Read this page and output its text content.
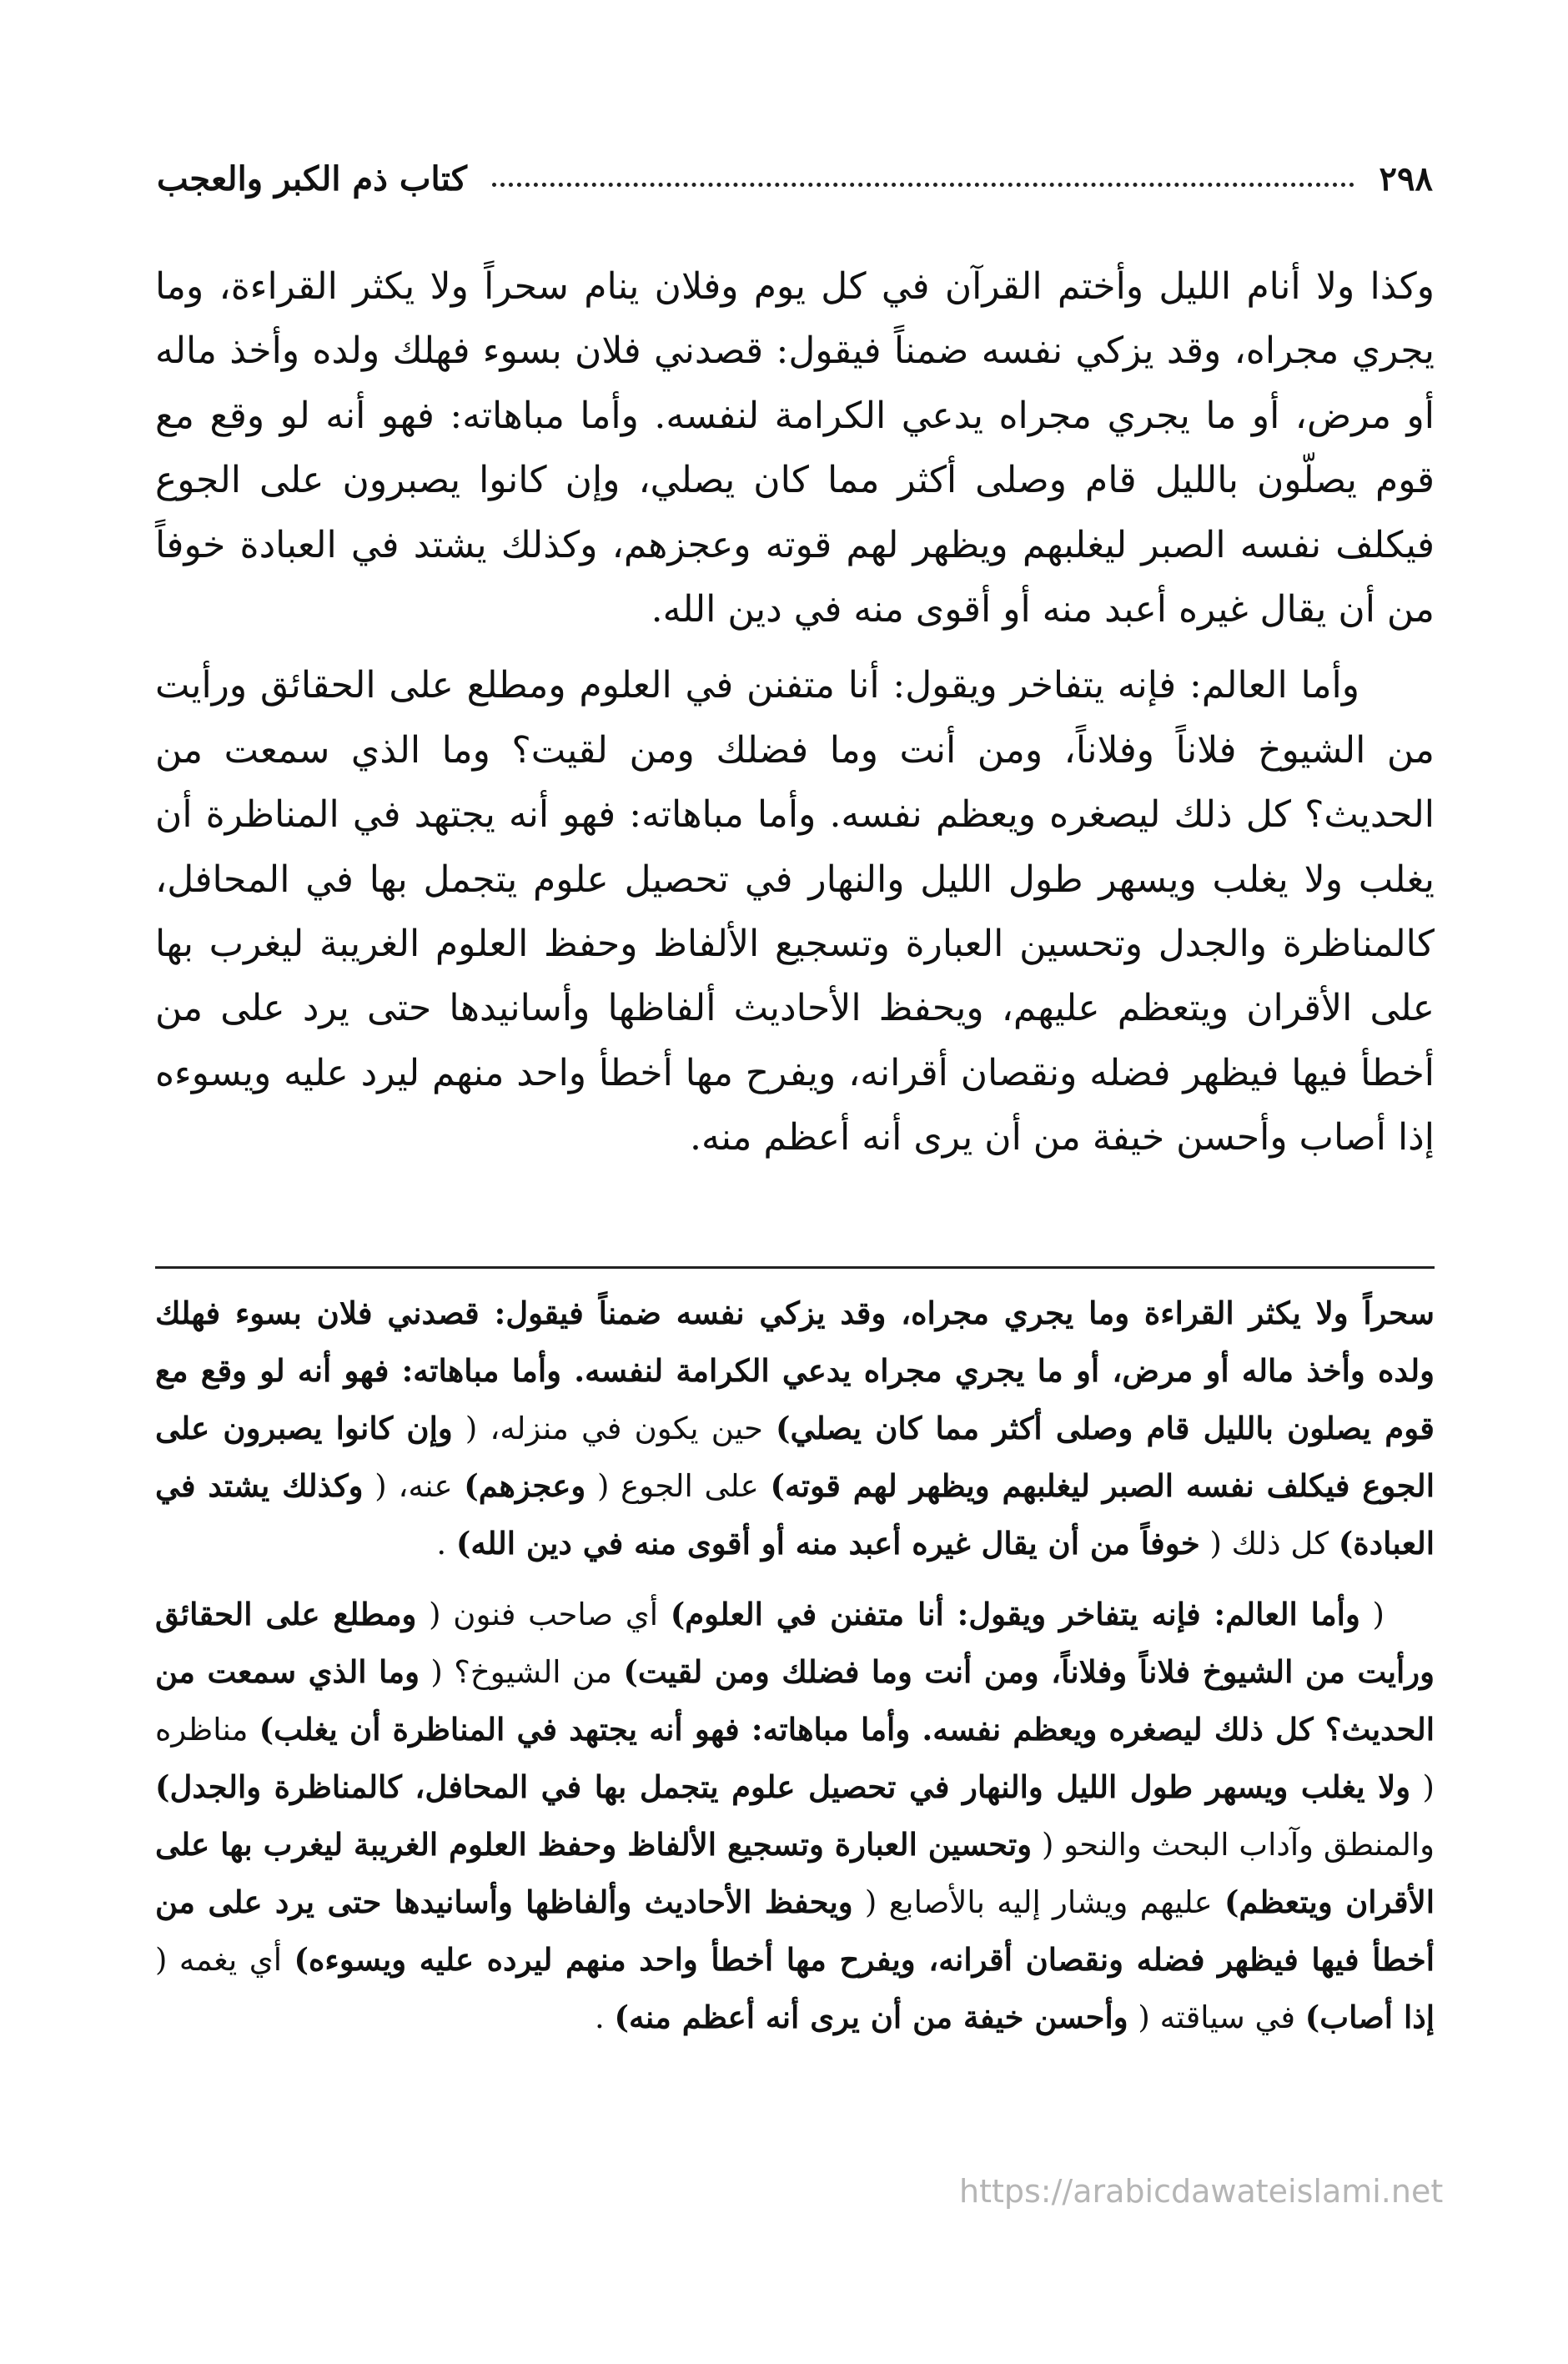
٢٩٨
كتاب ذم الكبر والعجب

وكذا ولا أنام الليل وأختم القرآن في كل يوم وفلان ينام سحراً ولا يكثر القراءة، وما يجري مجراه، وقد يزكي نفسه ضمناً فيقول: قصدني فلان بسوء فهلك ولده وأخذ ماله أو مرض، أو ما يجري مجراه يدعي الكرامة لنفسه. وأما مباهاته: فهو أنه لو وقع مع قوم يصلّون بالليل قام وصلى أكثر مما كان يصلي، وإن كانوا يصبرون على الجوع فيكلف نفسه الصبر ليغلبهم ويظهر لهم قوته وعجزهم، وكذلك يشتد في العبادة خوفاً من أن يقال غيره أعبد منه أو أقوى منه في دين الله.

وأما العالم: فإنه يتفاخر ويقول: أنا متفنن في العلوم ومطلع على الحقائق ورأيت من الشيوخ فلاناً وفلاناً، ومن أنت وما فضلك ومن لقيت؟ وما الذي سمعت من الحديث؟ كل ذلك ليصغره ويعظم نفسه. وأما مباهاته: فهو أنه يجتهد في المناظرة أن يغلب ولا يغلب ويسهر طول الليل والنهار في تحصيل علوم يتجمل بها في المحافل، كالمناظرة والجدل وتحسين العبارة وتسجيع الألفاظ وحفظ العلوم الغريبة ليغرب بها على الأقران ويتعظم عليهم، ويحفظ الأحاديث ألفاظها وأسانيدها حتى يرد على من أخطأ فيها فيظهر فضله ونقصان أقرانه، ويفرح مها أخطأ واحد منهم ليرد عليه ويسوءه إذا أصاب وأحسن خيفة من أن يرى أنه أعظم منه.

سحراً ولا يكثر القراءة وما يجري مجراه، وقد يزكي نفسه ضمناً فيقول: قصدني فلان بسوء فهلك ولده وأخذ ماله أو مرض، أو ما يجري مجراه يدعي الكرامة لنفسه. وأما مباهاته: فهو أنه لو وقع مع قوم يصلون بالليل قام وصلى أكثر مما كان يصلي) حين يكون في منزله، ( وإن كانوا يصبرون على الجوع فيكلف نفسه الصبر ليغلبهم ويظهر لهم قوته) على الجوع ( وعجزهم) عنه، ( وكذلك يشتد في العبادة) كل ذلك ( خوفاً من أن يقال غيره أعبد منه أو أقوى منه في دين الله) .

( وأما العالم: فإنه يتفاخر ويقول: أنا متفنن في العلوم) أي صاحب فنون ( ومطلع على الحقائق ورأيت من الشيوخ فلاناً وفلاناً، ومن أنت وما فضلك ومن لقيت) من الشيوخ؟ ( وما الذي سمعت من الحديث؟ كل ذلك ليصغره ويعظم نفسه. وأما مباهاته: فهو أنه يجتهد في المناظرة أن يغلب) مناظره ( ولا يغلب ويسهر طول الليل والنهار في تحصيل علوم يتجمل بها في المحافل، كالمناظرة والجدل) والمنطق وآداب البحث والنحو ( وتحسين العبارة وتسجيع الألفاظ وحفظ العلوم الغريبة ليغرب بها على الأقران ويتعظم) عليهم ويشار إليه بالأصابع ( ويحفظ الأحاديث وألفاظها وأسانيدها حتى يرد على من أخطأ فيها فيظهر فضله ونقصان أقرانه، ويفرح مها أخطأ واحد منهم ليرده عليه ويسوءه) أي يغمه ( إذا أصاب) في سياقته ( وأحسن خيفة من أن يرى أنه أعظم منه) .

https://arabicdawateislami.net
